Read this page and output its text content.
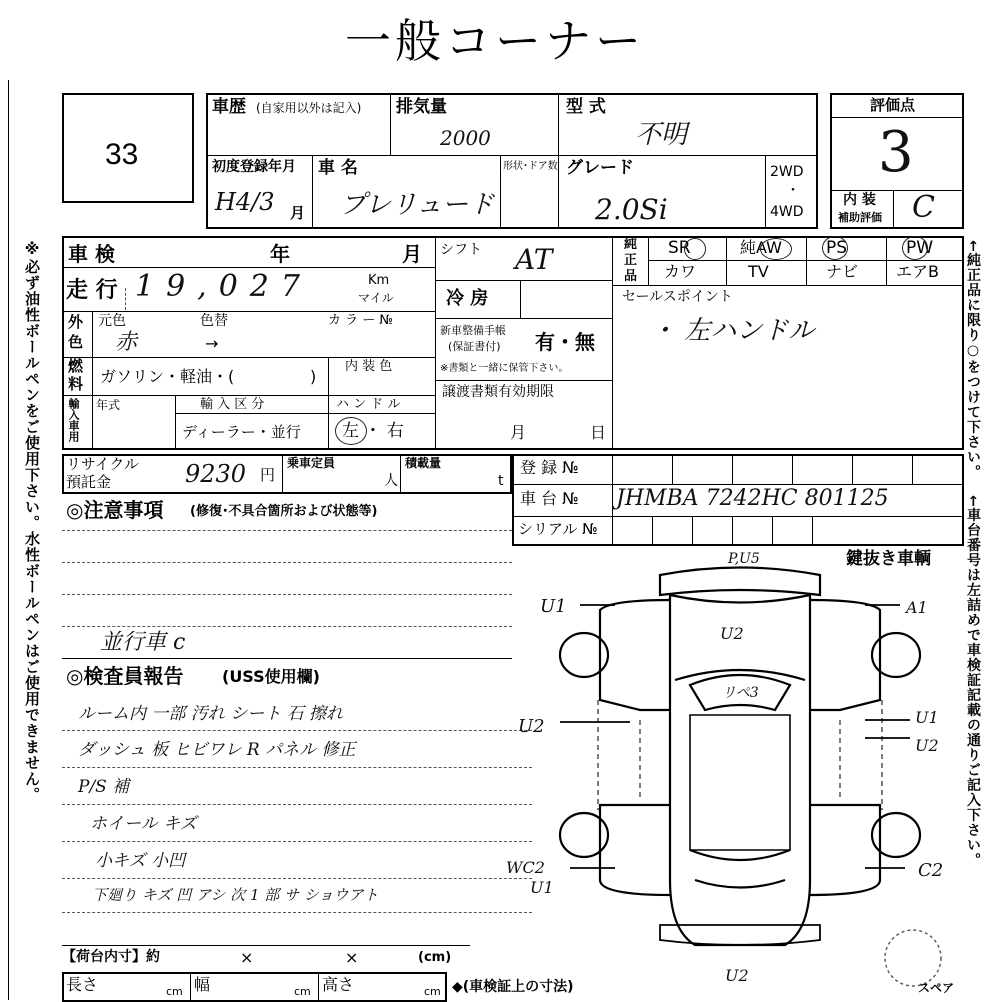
一般コーナー
※必ず油性ボールペンをご使用下さい。水性ボールペンはご使用できません。	←純正品に限り○をつけて下さい。
←車台番号は左詰めで車検証記載の通りご記入下さい。
33
車歴 (自家用以外は記入) 排気量
2000
型 式
不明
初度登録年月
H4/3 月
車 名
プレリュード
形状･ドア数 グレード
2.0Si
2WD
・
4WD
評価点
3
内 装
補助評価 C
車 検	年	月
走 行 19,027	Km
マイル
外
色
元色	色替	カ ラ ー №
赤	→
燃
料 ガソリン・軽油・(	)
内 装 色
輸入車用 年式	輸 入 区 分
ディーラー・並行
ハ ン ド ル
左 ・ 右
シフト AT
冷 房
新車整備手帳
(保証書付) 有・無
※書類と一緒に保管下さい。
譲渡書類有効期限
月	日
純
正
品
SR	純AW	PS	PW
カワ	TV	ナビ エアB
セールスポイント
・ 左ハンドル
リサイクル
預託金	9230 円
乗車定員
人
積載量
t
登 録 №
車 台 № JHMBA 7242HC 801125
シリアル №
◎注意事項 (修復･不具合箇所および状態等)
並行車 c
◎検査員報告 (USS使用欄)
ルーム内 一部 汚れ シート 石 擦れ
ダッシュ 板 ヒビワレ R パネル 修正
P/S 補
ホイール キズ
小キズ 小凹
下廻り キズ 凹 アシ 次 1 部 サ ショウアト
鍵抜き車輌
P,U5
U2
リペ3
U1	A1
U2	U1
U2
WC2
U1
C2
U2
スペア
【荷台内寸】約	×	×	(cm)
長さ	cm 幅	cm 高さ	cm ◆(車検証上の寸法)
